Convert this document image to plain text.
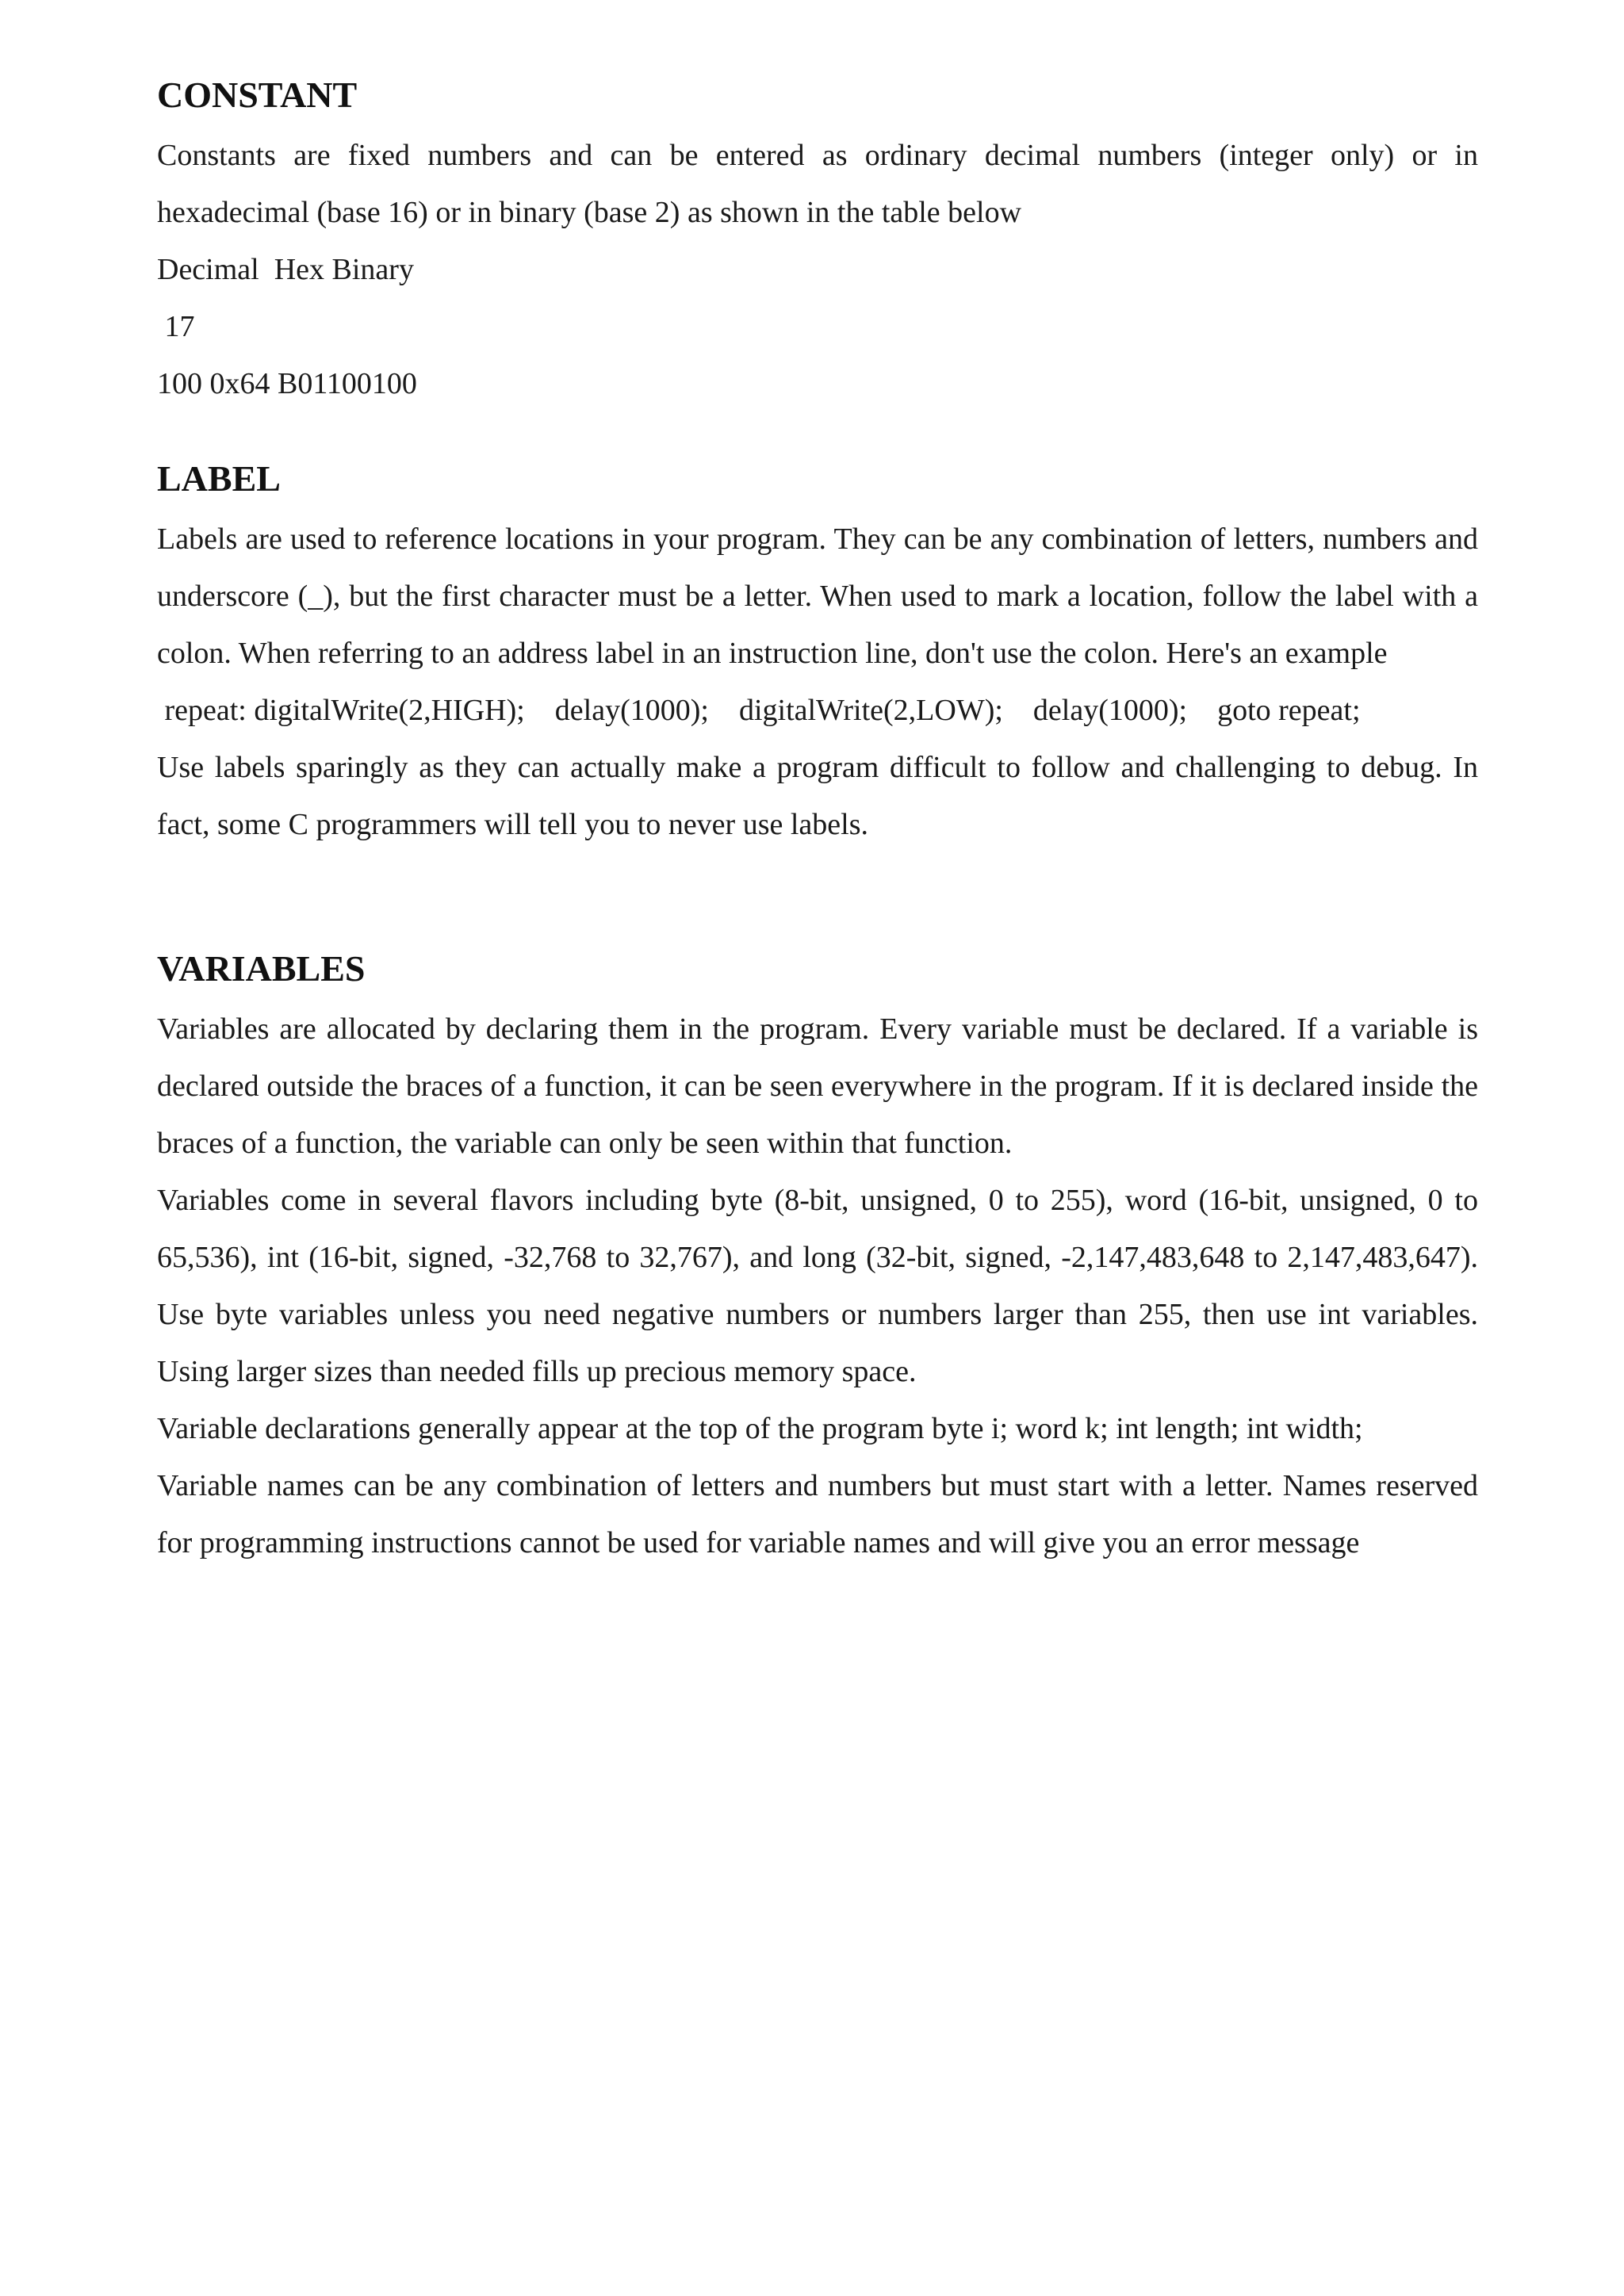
CONSTANT

Constants are fixed numbers and can be entered as ordinary decimal numbers (integer only) or in hexadecimal (base 16) or in binary (base 2) as shown in the table below

Decimal  Hex Binary

17

100 0x64 B01100100

LABEL

Labels are used to reference locations in your program. They can be any combination of letters, numbers and underscore (_), but the first character must be a letter. When used to mark a location, follow the label with a colon. When referring to an address label in an instruction line, don't use the colon. Here's an example

repeat: digitalWrite(2,HIGH);    delay(1000);    digitalWrite(2,LOW);    delay(1000);    goto repeat;

Use labels sparingly as they can actually make a program difficult to follow and challenging to debug. In fact, some C programmers will tell you to never use labels.

VARIABLES

Variables are allocated by declaring them in the program. Every variable must be declared. If a variable is declared outside the braces of a function, it can be seen everywhere in the program. If it is declared inside the braces of a function, the variable can only be seen within that function.

Variables come in several flavors including byte (8-bit, unsigned, 0 to 255), word (16-bit, unsigned, 0 to 65,536), int (16-bit, signed, -32,768 to 32,767), and long (32-bit, signed, -2,147,483,648 to 2,147,483,647). Use byte variables unless you need negative numbers or numbers larger than 255, then use int variables. Using larger sizes than needed fills up precious memory space.

Variable declarations generally appear at the top of the program byte i; word k; int length; int width;

Variable names can be any combination of letters and numbers but must start with a letter. Names reserved for programming instructions cannot be used for variable names and will give you an error message
